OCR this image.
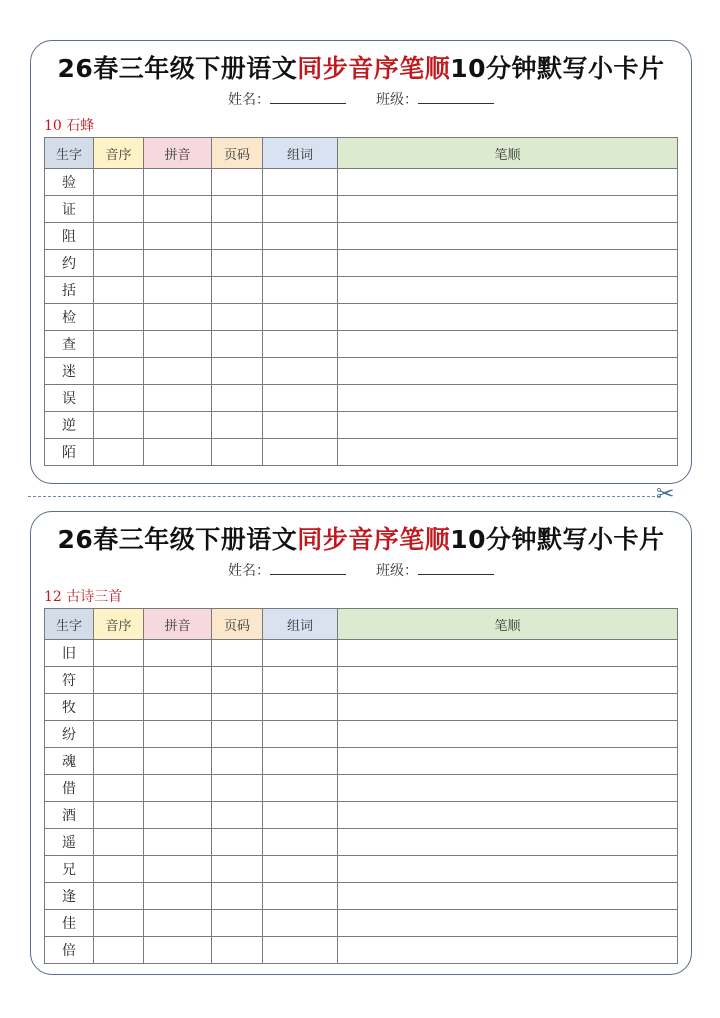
26春三年级下册语文同步音序笔顺10分钟默写小卡片
姓名：	班级：
10 石蜂
生字	音序	拼音	页码	组词	笔顺
验					
证					
阻					
约					
括					
检					
查					
迷					
误					
逆					
陌					
✂
26春三年级下册语文同步音序笔顺10分钟默写小卡片
姓名：	班级：
12 古诗三首
生字	音序	拼音	页码	组词	笔顺
旧					
符					
牧					
纷					
魂					
借					
酒					
遥					
兄					
逢					
佳					
倍					
